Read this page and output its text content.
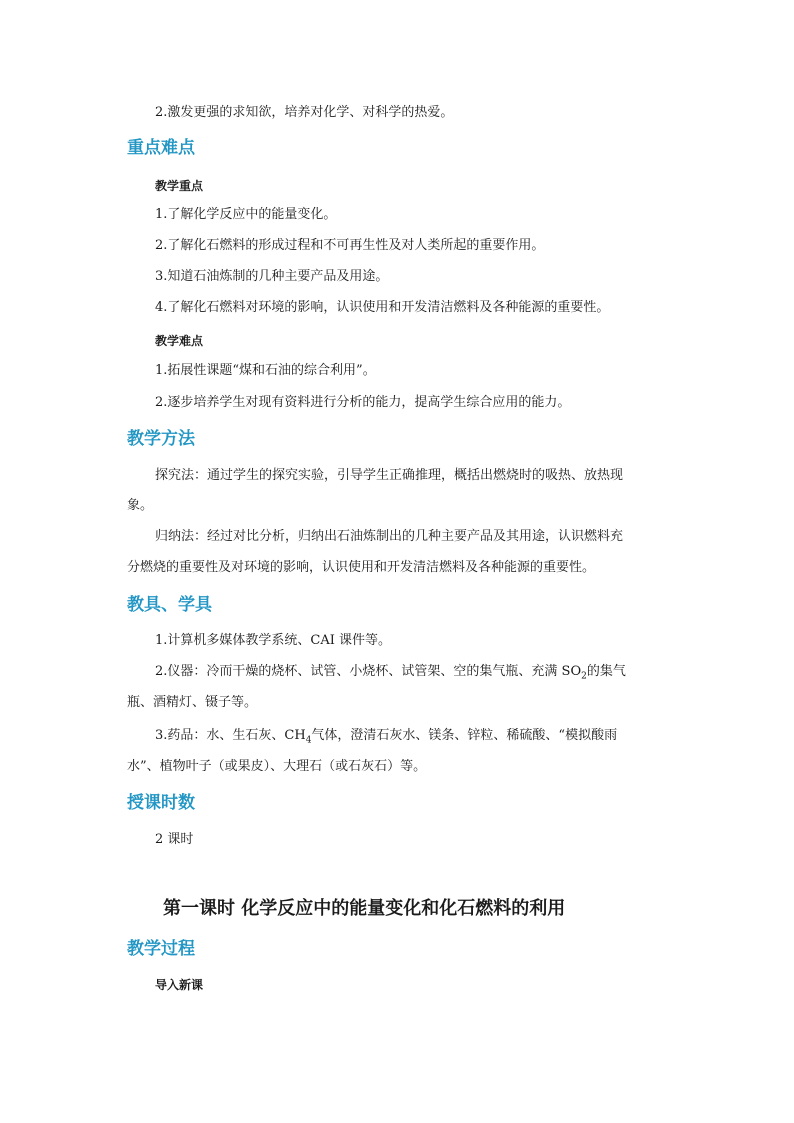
2.激发更强的求知欲，培养对化学、对科学的热爱。
重点难点
教学重点
1.了解化学反应中的能量变化。
2.了解化石燃料的形成过程和不可再生性及对人类所起的重要作用。
3.知道石油炼制的几种主要产品及用途。
4.了解化石燃料对环境的影响，认识使用和开发清洁燃料及各种能源的重要性。
教学难点
1.拓展性课题“煤和石油的综合利用”。
2.逐步培养学生对现有资料进行分析的能力，提高学生综合应用的能力。
教学方法
探究法：通过学生的探究实验，引导学生正确推理，概括出燃烧时的吸热、放热现
象。
归纳法：经过对比分析，归纳出石油炼制出的几种主要产品及其用途，认识燃料充
分燃烧的重要性及对环境的影响，认识使用和开发清洁燃料及各种能源的重要性。
教具、学具
1.计算机多媒体教学系统、CAI 课件等。
2.仪器：冷而干燥的烧杯、试管、小烧杯、试管架、空的集气瓶、充满 $SO_2$的集气
瓶、酒精灯、镊子等。
3.药品：水、生石灰、$CH_4$气体，澄清石灰水、镁条、锌粒、稀硫酸、“模拟酸雨
水”、植物叶子（或果皮）、大理石（或石灰石）等。
授课时数
2 课时
第一课时 化学反应中的能量变化和化石燃料的利用
教学过程
导入新课
